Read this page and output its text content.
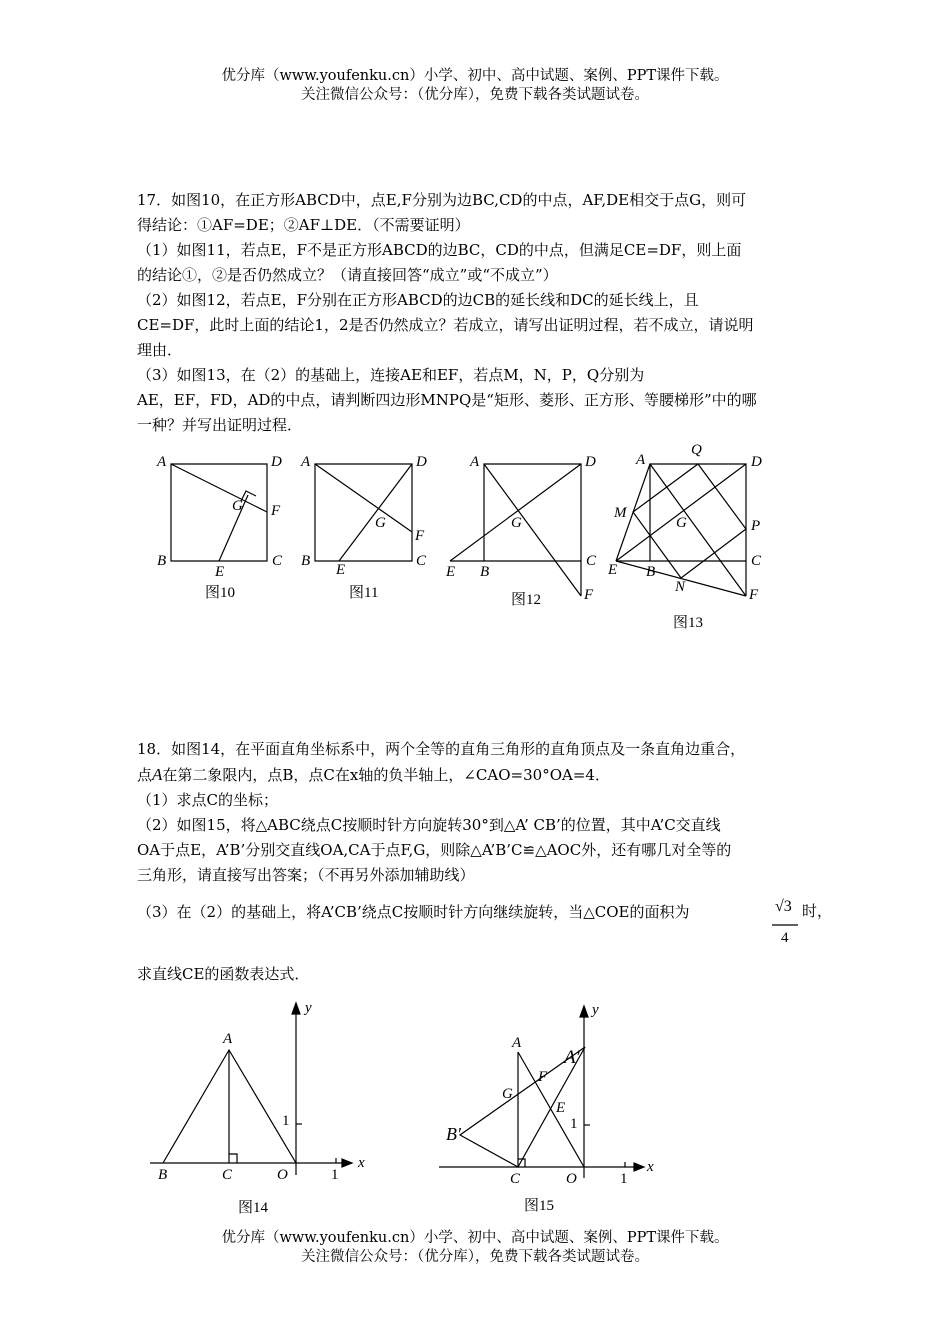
优分库（www.youfenku.cn）小学、初中、高中试题、案例、PPT课件下载。
关注微信公众号：（优分库），免费下载各类试题试卷。
17．如图10，在正方形ABCD中，点E,F分别为边BC,CD的中点，AF,DE相交于点G，则可
得结论：①AF=DE；②AF⊥DE．（不需要证明）
（1）如图11，若点E，F不是正方形ABCD的边BC，CD的中点，但满足CE=DF，则上面
的结论①，②是否仍然成立？（请直接回答“成立”或“不成立”）
（2）如图12，若点E，F分别在正方形ABCD的边CB的延长线和DC的延长线上，且
CE=DF，此时上面的结论1，2是否仍然成立？若成立，请写出证明过程，若不成立，请说明
理由．
（3）如图13，在（2）的基础上，连接AE和EF，若点M，N，P，Q分别为
AE，EF，FD，AD的中点，请判断四边形MNPQ是“矩形、菱形、正方形、等腰梯形”中的哪
一种？并写出证明过程．
A	D
G F
B
E
C
图10
A	D
G
F
B
E
C
图11
A	D
G
E B
C
F
图12
A
Q
D
M
G	P
E B
C
N	F
图13
18．如图14，在平面直角坐标系中，两个全等的直角三角形的直角顶点及一条直角边重合，
点A在第二象限内，点B，点C在x轴的负半轴上，∠CAO=30°OA=4．
（1）求点C的坐标；
（2）如图15，将△ABC绕点C按顺时针方向旋转30°到△A’ CB’的位置，其中A’C交直线
OA于点E，A’B’分别交直线OA,CA于点F,G，则除△A’B’C≌△AOC外，还有哪几对全等的
三角形，请直接写出答案；（不再另外添加辅助线）
（3）在（2）的基础上，将A’CB’绕点C按顺时针方向继续旋转，当△COE的面积为	√3
4
时，
求直线CE的函数表达式．
y
A
1
B	C	O	1
x
图14
y
A
A′
F
G
E
B′	1
C	O	1
x
图15
优分库（www.youfenku.cn）小学、初中、高中试题、案例、PPT课件下载。
关注微信公众号：（优分库），免费下载各类试题试卷。
